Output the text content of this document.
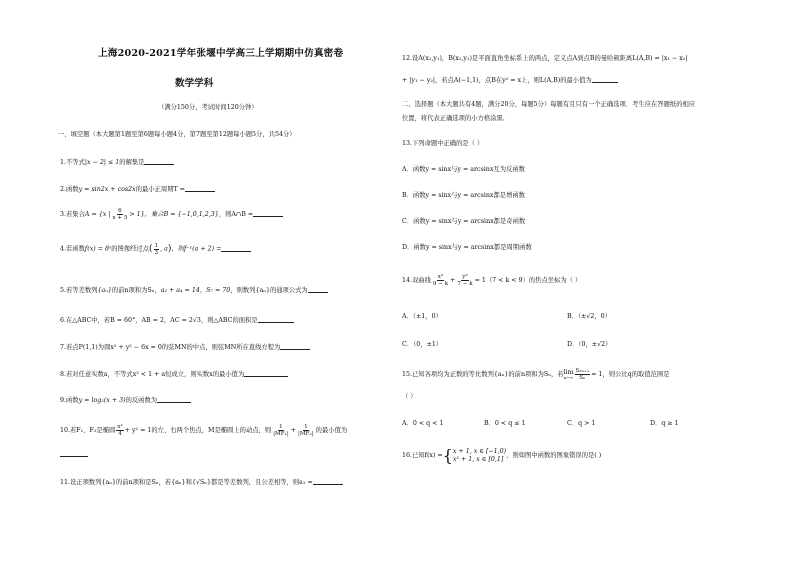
上海2020-2021学年张堰中学高三上学期期中仿真密卷
数学学科
（满分150分，考试时间120分钟）
一、填空题（本大题第1题至第6题每小题4分，第7题至第12题每小题5分，共54分）
1.不等式|x − 2| ≤ 1的解集是
2.函数y = sin2x + cos2x的最小正周期T =
3.若集合A = {x | $\frac{6}{x + 5} > 1$}，集合B = {−1,0,1,2,3}，则A∩B =
4.若函数f(x) = 8ˣ的图像经过点( $\frac{1}{3}$ , a)，则f⁻¹(a + 2) =
5.若等差数列{aₙ}的前n项和为Sₙ，a₂ + a₄ = 14，S₇ = 70，则数列{aₙ}的通项公式为
6.在△ABC中，若B = 60°，AB = 2，AC = 2√3，则△ABC的面积是
7.若点P(1,1)为圆x² + y² − 6x = 0的弦MN的中点，则弦MN所在直线方程为
8.若对任意实数a，不等式x² < 1 + a恒成立，则实数x的最小值为
9.函数y = log₂(x + 3)的反函数为
10.若F₁、F₂是椭圆 $\frac{\text{x²}}{4} + y^2 = 1$的左、右两个焦点，M是椭圆上的动点，则 $\frac{1}{\text{|MF₁|}} + \frac{1}{\text{|MF₂|}}$ 的最小值为
11.设正项数列{aₙ}的前n项和是Sₙ，若{aₙ}和{√Sₙ}都是等差数列，且公差相等，则a₁ =
12.设A(x₁,y₁)，B(x₂,y₂)是平面直角坐标系上的两点，定义点A到点B的曼哈顿距离L(A,B) = |x₁ − x₂|
+ |y₁ − y₂|，若点A(−1,1)，点B在y² = x上，则L(A,B)的最小值为
二、选择题（本大题共有4题，满分20分，每题5分）每题有且只有一个正确选项．考生应在答题纸的相应
位置，将代表正确选项的小方格涂黑．
13.下列命题中正确的是（ ）
A．函数y = sinx与y = arcsinx互为反函数
B．函数y = sinx与y = arcsinx都是增函数
C．函数y = sinx与y = arcsinx都是奇函数
D．函数y = sinx与y = arcsinx都是周期函数
14.双曲线 $\frac{\text{x²}}{9 - k} + \frac{\text{y²}}{7 - k} = 1(7 < k < 9)$的焦点坐标为（ ）
A．（±1，0）	B．（±√2，0）
C．（0，±1）	D．（0，±√2）
15.已知各项均为正数的等比数列{aₙ}的前n项和为Sₙ，若 lim
$n\to\infty \frac{\text{S₂ₙ₊₁}}{\text{Sₙ}} = 1$，则公比q的取值范围是
（ ）
A．0 < q < 1	B．0 < q ≤ 1	C．q > 1	D．q ≥ 1
16.已知f(x) ={ x + 1, x ∈ [−1,0)
x² + 1, x ∈ [0,1]
，则如图中函数的图象错误的是( )
